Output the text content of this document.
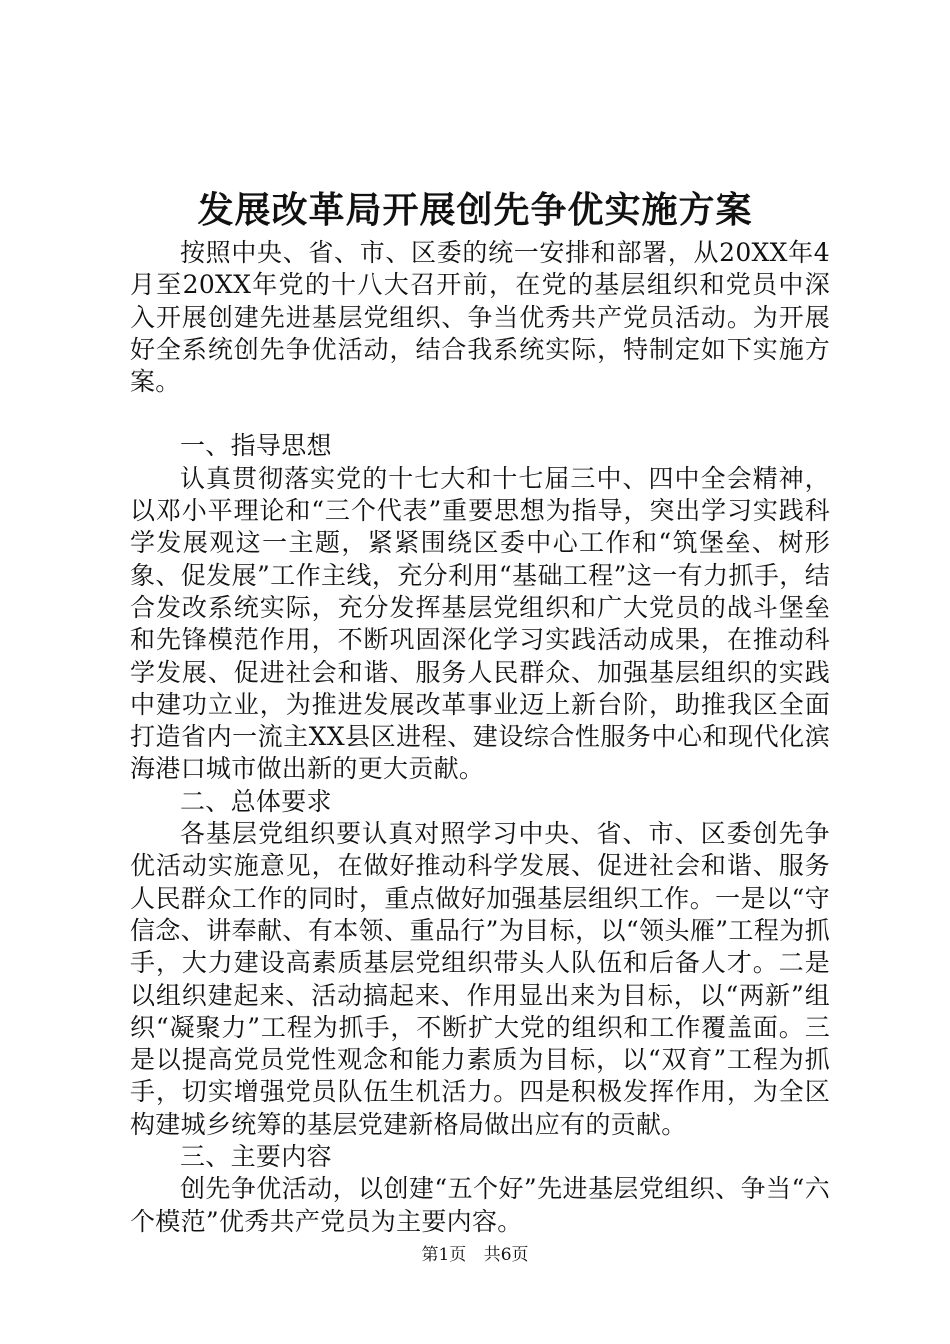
发展改革局开展创先争优实施方案

按照中央、省、市、区委的统一安排和部署，从20XX年4月至20XX年党的十八大召开前，在党的基层组织和党员中深入开展创建先进基层党组织、争当优秀共产党员活动。为开展好全系统创先争优活动，结合我系统实际，特制定如下实施方案。

一、指导思想

认真贯彻落实党的十七大和十七届三中、四中全会精神，以邓小平理论和“三个代表”重要思想为指导，突出学习实践科学发展观这一主题，紧紧围绕区委中心工作和“筑堡垒、树形象、促发展”工作主线，充分利用“基础工程”这一有力抓手，结合发改系统实际，充分发挥基层党组织和广大党员的战斗堡垒和先锋模范作用，不断巩固深化学习实践活动成果，在推动科学发展、促进社会和谐、服务人民群众、加强基层组织的实践中建功立业，为推进发展改革事业迈上新台阶，助推我区全面打造省内一流主XX县区进程、建设综合性服务中心和现代化滨海港口城市做出新的更大贡献。

二、总体要求

各基层党组织要认真对照学习中央、省、市、区委创先争优活动实施意见，在做好推动科学发展、促进社会和谐、服务人民群众工作的同时，重点做好加强基层组织工作。一是以“守信念、讲奉献、有本领、重品行”为目标，以“领头雁”工程为抓手，大力建设高素质基层党组织带头人队伍和后备人才。二是以组织建起来、活动搞起来、作用显出来为目标，以“两新”组织“凝聚力”工程为抓手，不断扩大党的组织和工作覆盖面。三是以提高党员党性观念和能力素质为目标，以“双育”工程为抓手，切实增强党员队伍生机活力。四是积极发挥作用，为全区构建城乡统筹的基层党建新格局做出应有的贡献。

三、主要内容

创先争优活动，以创建“五个好”先进基层党组织、争当“六个模范”优秀共产党员为主要内容。

第1页 共6页
